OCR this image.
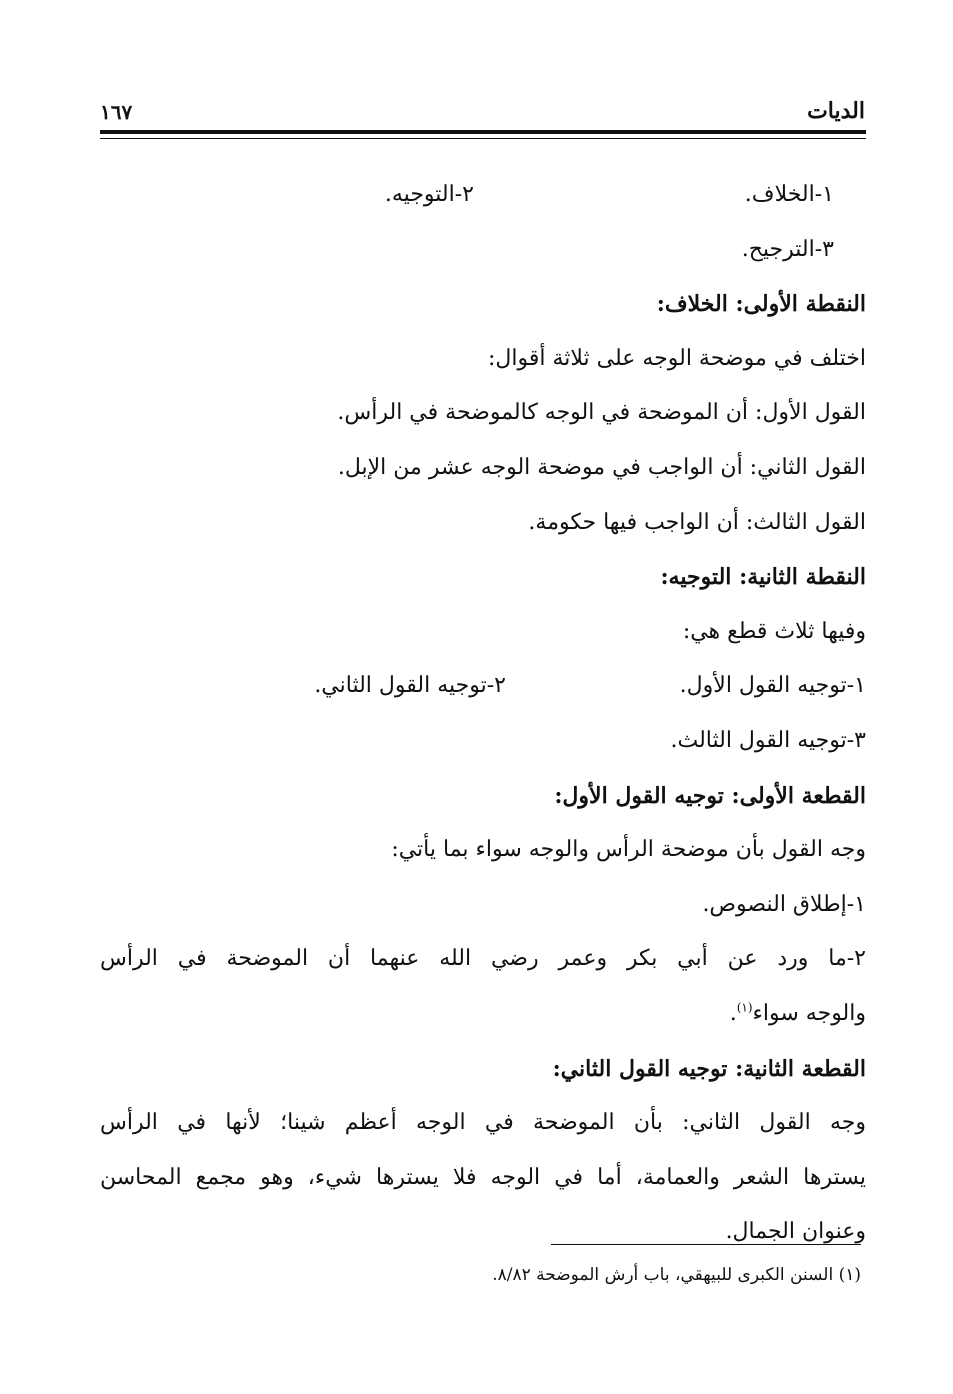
الديات
١٦٧
١-الخلاف.
٢-التوجيه.
٣-الترجيح.
النقطة الأولى: الخلاف:
اختلف في موضحة الوجه على ثلاثة أقوال:
القول الأول: أن الموضحة في الوجه كالموضحة في الرأس.
القول الثاني: أن الواجب في موضحة الوجه عشر من الإبل.
القول الثالث: أن الواجب فيها حكومة.
النقطة الثانية: التوجيه:
وفيها ثلاث قطع هي:
١-توجيه القول الأول.
٢-توجيه القول الثاني.
٣-توجيه القول الثالث.
القطعة الأولى: توجيه القول الأول:
وجه القول بأن موضحة الرأس والوجه سواء بما يأتي:
١-إطلاق النصوص.
٢-ما ورد عن أبي بكر وعمر رضي الله عنهما أن الموضحة في الرأس
والوجه سواء$^{(١)}$.
القطعة الثانية: توجيه القول الثاني:
وجه القول الثاني: بأن الموضحة في الوجه أعظم شينا؛ لأنها في الرأس
يسترها الشعر والعمامة، أما في الوجه فلا يسترها شيء، وهو مجمع المحاسن
وعنوان الجمال.
(١) السنن الكبرى للبيهقي، باب أرش الموضحة ٨/٨٢.
